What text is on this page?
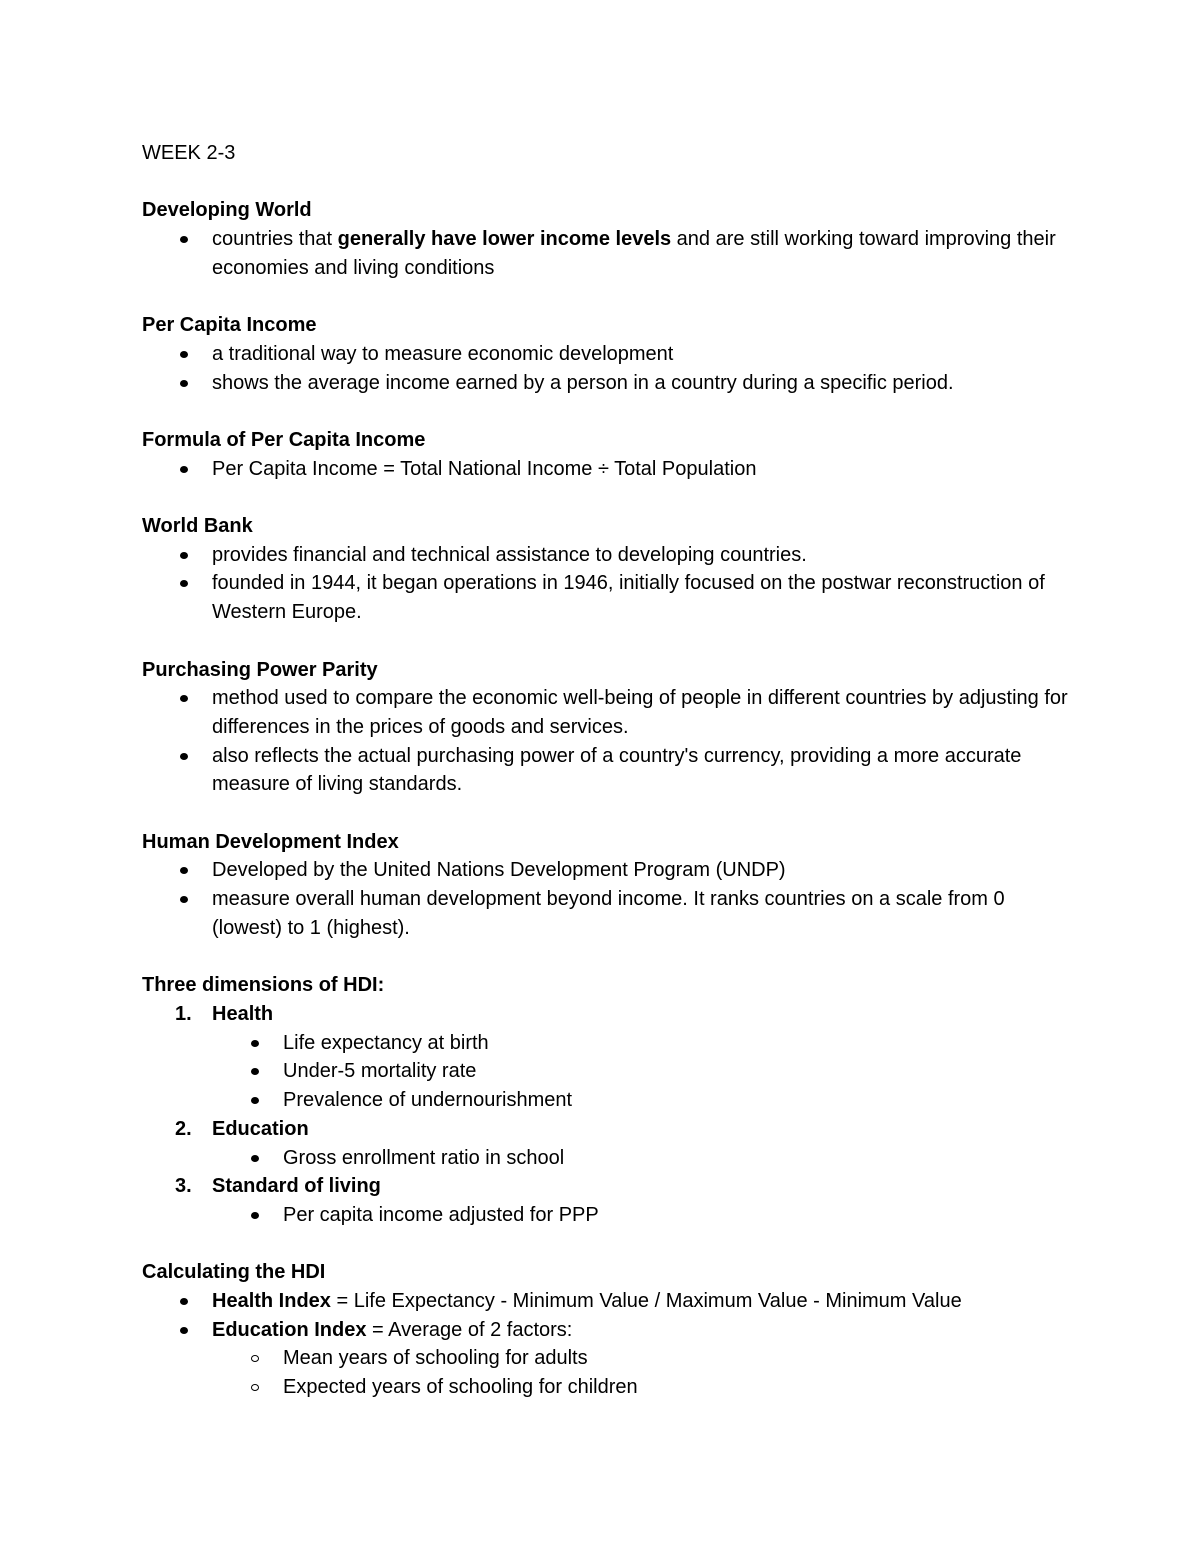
WEEK 2-3

Developing World

countries that generally have lower income levels and are still working toward improving their economies and living conditions

Per Capita Income

a traditional way to measure economic development
shows the average income earned by a person in a country during a specific period.

Formula of Per Capita Income

Per Capita Income = Total National Income ÷ Total Population

World Bank

provides financial and technical assistance to developing countries.
founded in 1944, it began operations in 1946, initially focused on the postwar reconstruction of Western Europe.

Purchasing Power Parity

method used to compare the economic well-being of people in different countries by adjusting for differences in the prices of goods and services.
also reflects the actual purchasing power of a country's currency, providing a more accurate measure of living standards.

Human Development Index

Developed by the United Nations Development Program (UNDP)
measure overall human development beyond income. It ranks countries on a scale from 0 (lowest) to 1 (highest).

Three dimensions of HDI:

1. Health
Life expectancy at birth
Under-5 mortality rate
Prevalence of undernourishment
2. Education
Gross enrollment ratio in school
3. Standard of living
Per capita income adjusted for PPP

Calculating the HDI

Health Index = Life Expectancy - Minimum Value / Maximum Value - Minimum Value
Education Index = Average of 2 factors:
Mean years of schooling for adults
Expected years of schooling for children
